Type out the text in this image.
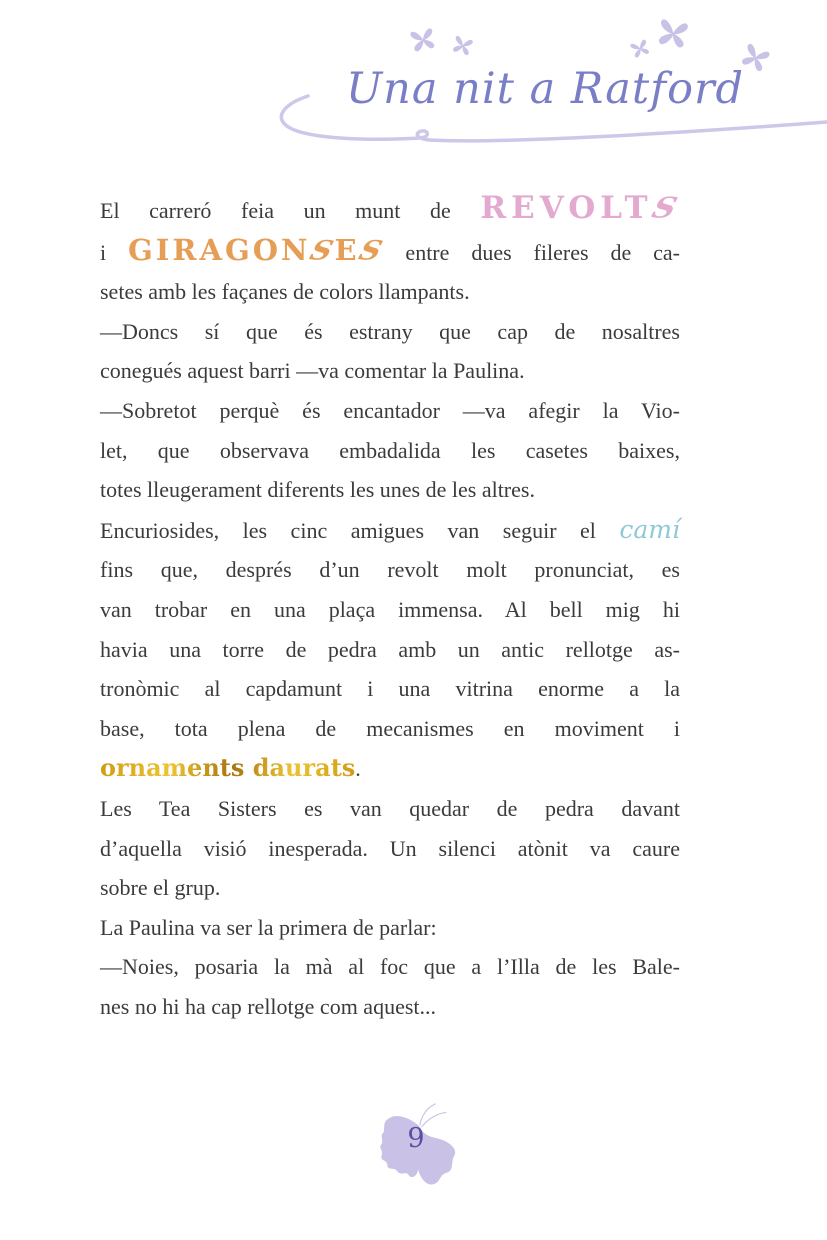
Una nit a Ratford
El carreró feia un munt de REVOLTS
i GIRAGONSES entre dues fileres de ca-
setes amb les façanes de colors llampants.
—Doncs sí que és estrany que cap de nosaltres
conegués aquest barri —va comentar la Paulina.
—Sobretot perquè és encantador —va afegir la Vio-
let, que observava embadalida les casetes baixes,
totes lleugerament diferents les unes de les altres.
Encuriosides, les cinc amigues van seguir el camí
fins que, després d’un revolt molt pronunciat, es
van trobar en una plaça immensa. Al bell mig hi
havia una torre de pedra amb un antic rellotge as-
tronòmic al capdamunt i una vitrina enorme a la
base, tota plena de mecanismes en moviment i
ornaments daurats.
Les Tea Sisters es van quedar de pedra davant
d’aquella visió inesperada. Un silenci atònit va caure
sobre el grup.
La Paulina va ser la primera de parlar:
—Noies, posaria la mà al foc que a l’Illa de les Bale-
nes no hi ha cap rellotge com aquest...
9
